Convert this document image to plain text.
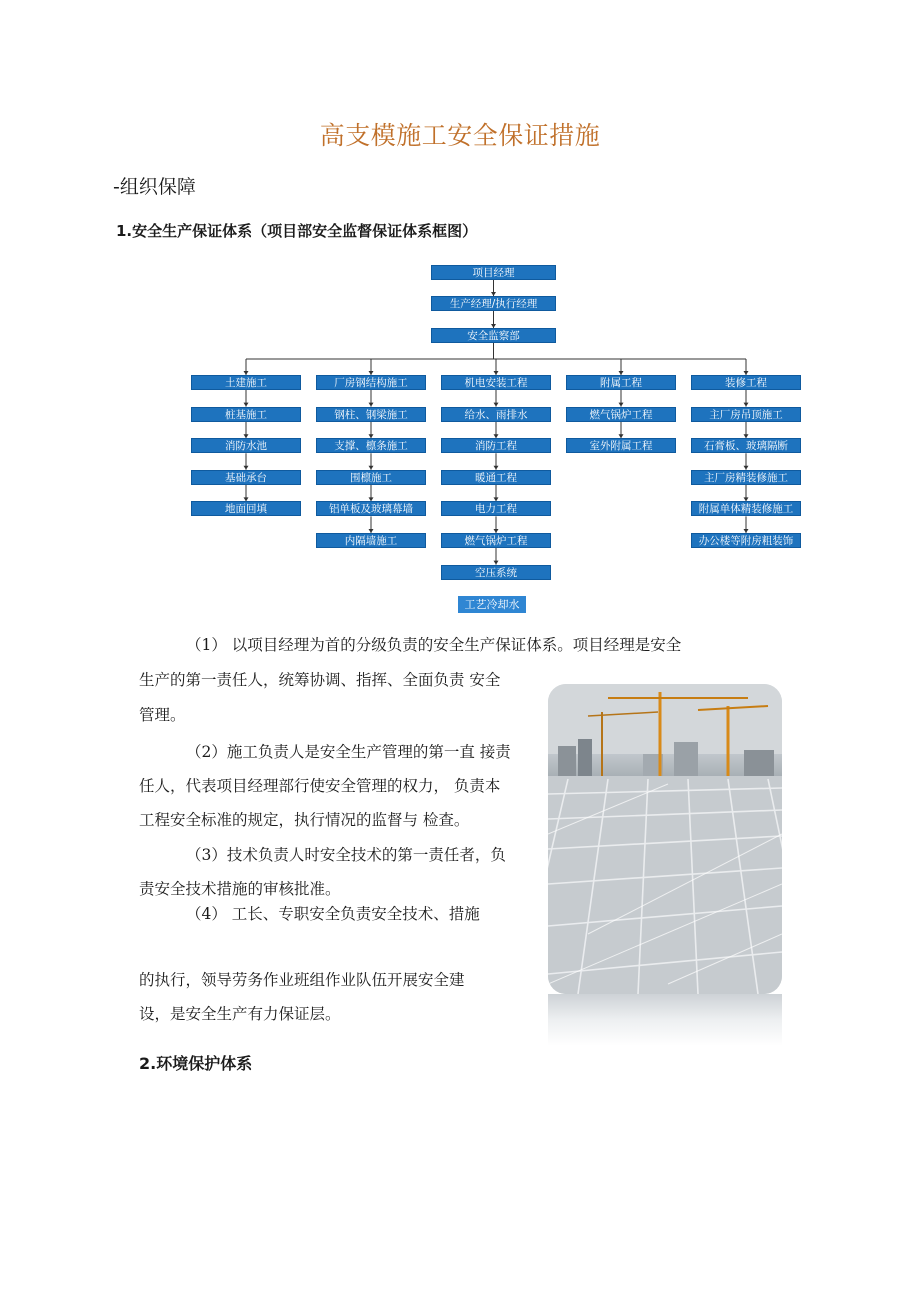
高支模施工安全保证措施
-组织保障
1.安全生产保证体系（项目部安全监督保证体系框图）
项目经理
生产经理/执行经理
安全监察部
土建施工
桩基施工
消防水池
基础承台
地面回填
厂房钢结构施工
钢柱、钢梁施工
支撑、檩条施工
围檩施工
铝单板及玻璃幕墙
内隔墙施工
机电安装工程
给水、雨排水
消防工程
暖通工程
电力工程
燃气锅炉工程
空压系统
附属工程
燃气锅炉工程
室外附属工程
装修工程
主厂房吊顶施工
石膏板、玻璃隔断
主厂房精装修施工
附属单体精装修施工
办公楼等附房粗装饰
工艺冷却水

（1） 以项目经理为首的分级负责的安全生产保证体系。项目经理是安全

生产的第一责任人，统筹协调、指挥、全面负责 安全

管理。

（2）施工负责人是安全生产管理的第一直 接责

任人，代表项目经理部行使安全管理的权力， 负责本

工程安全标准的规定，执行情况的监督与 检查。

（3）技术负责人时安全技术的第一责任者，负

责安全技术措施的审核批准。

（4） 工长、专职安全负责安全技术、措施

的执行，领导劳务作业班组作业队伍开展安全建

设，是安全生产有力保证层。

2.环境保护体系
